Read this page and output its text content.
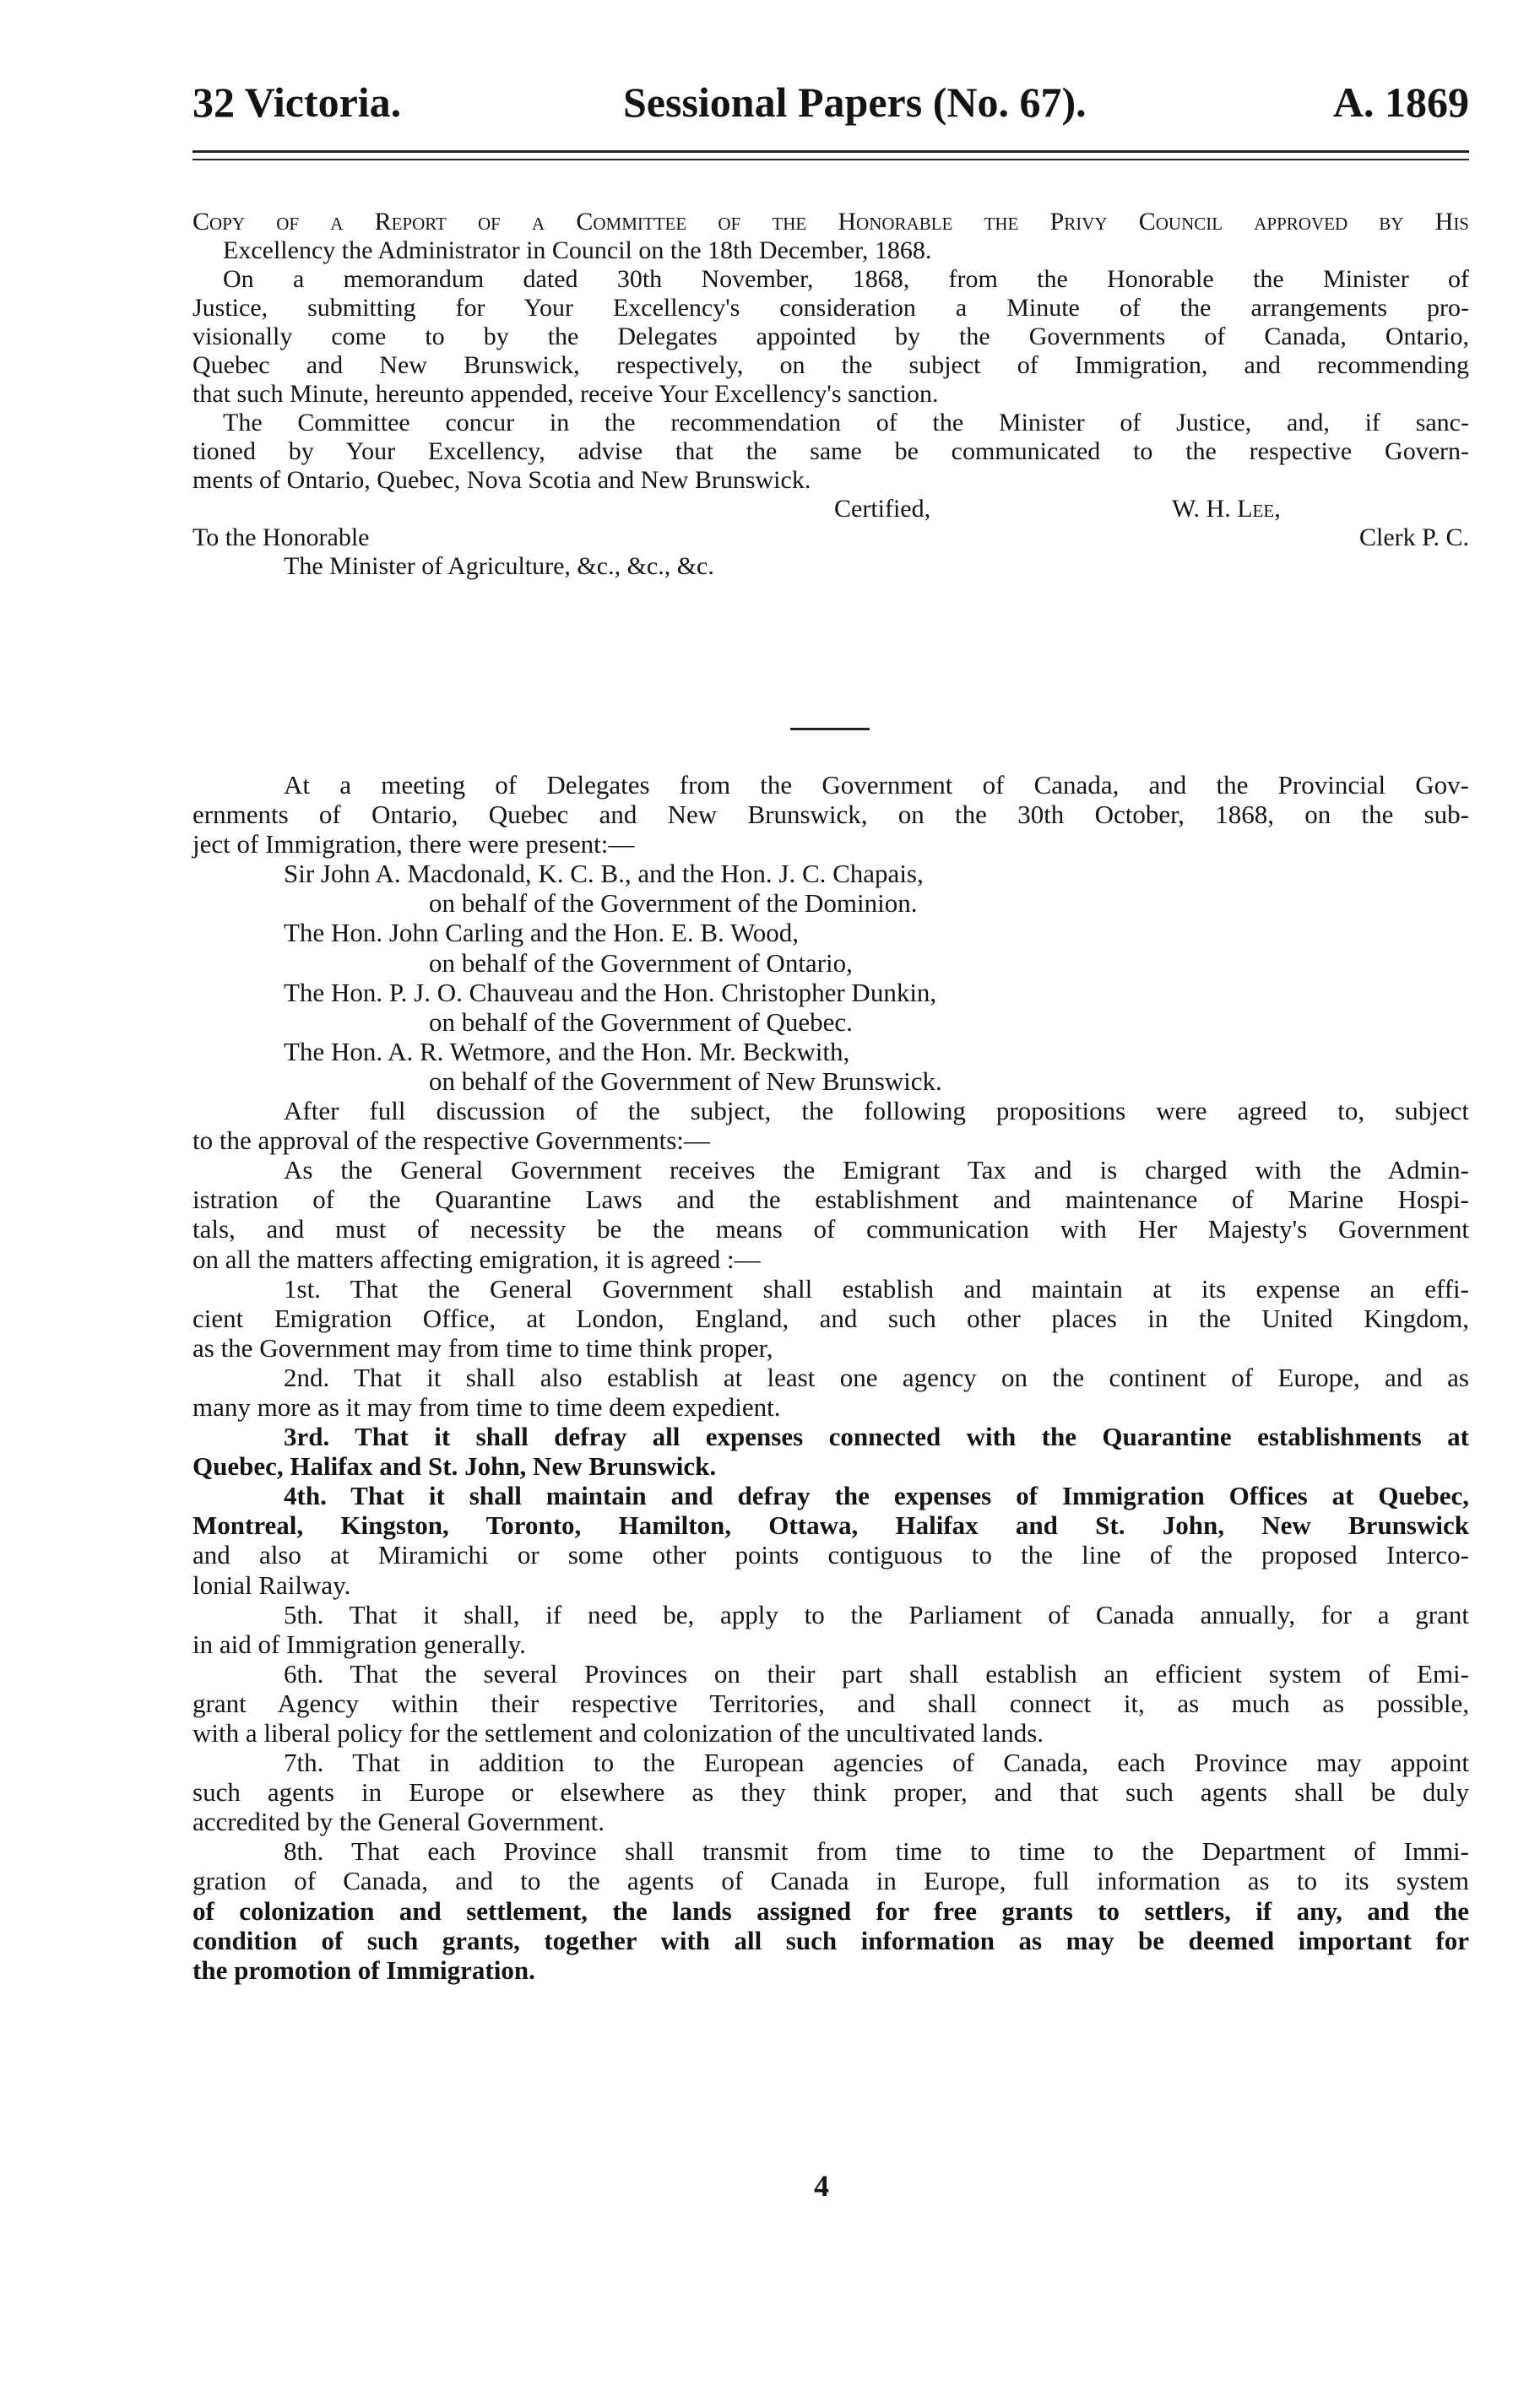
32 Victoria.	Sessional Papers (No. 67).	A. 1869
Copy of a Report of a Committee of the Honorable the Privy Council approved by His
Excellency the Administrator in Council on the 18th December, 1868.
On a memorandum dated 30th November, 1868, from the Honorable the Minister of
Justice, submitting for Your Excellency's consideration a Minute of the arrangements pro-
visionally come to by the Delegates appointed by the Governments of Canada, Ontario,
Quebec and New Brunswick, respectively, on the subject of Immigration, and recommending
that such Minute, hereunto appended, receive Your Excellency's sanction.
The Committee concur in the recommendation of the Minister of Justice, and, if sanc-
tioned by Your Excellency, advise that the same be communicated to the respective Govern-
ments of Ontario, Quebec, Nova Scotia and New Brunswick.
Certified,	W. H. Lee,
To the Honorable	Clerk P. C.
The Minister of Agriculture, &c., &c., &c.
At a meeting of Delegates from the Government of Canada, and the Provincial Gov-
ernments of Ontario, Quebec and New Brunswick, on the 30th October, 1868, on the sub-
ject of Immigration, there were present:—
Sir John A. Macdonald, K. C. B., and the Hon. J. C. Chapais,
on behalf of the Government of the Dominion.
The Hon. John Carling and the Hon. E. B. Wood,
on behalf of the Government of Ontario,
The Hon. P. J. O. Chauveau and the Hon. Christopher Dunkin,
on behalf of the Government of Quebec.
The Hon. A. R. Wetmore, and the Hon. Mr. Beckwith,
on behalf of the Government of New Brunswick.
After full discussion of the subject, the following propositions were agreed to, subject
to the approval of the respective Governments:—
As the General Government receives the Emigrant Tax and is charged with the Admin-
istration of the Quarantine Laws and the establishment and maintenance of Marine Hospi-
tals, and must of necessity be the means of communication with Her Majesty's Government
on all the matters affecting emigration, it is agreed :—
1st. That the General Government shall establish and maintain at its expense an effi-
cient Emigration Office, at London, England, and such other places in the United Kingdom,
as the Government may from time to time think proper,
2nd. That it shall also establish at least one agency on the continent of Europe, and as
many more as it may from time to time deem expedient.
3rd. That it shall defray all expenses connected with the Quarantine establishments at
Quebec, Halifax and St. John, New Brunswick.
4th. That it shall maintain and defray the expenses of Immigration Offices at Quebec,
Montreal, Kingston, Toronto, Hamilton, Ottawa, Halifax and St. John, New Brunswick
and also at Miramichi or some other points contiguous to the line of the proposed Interco-
lonial Railway.
5th. That it shall, if need be, apply to the Parliament of Canada annually, for a grant
in aid of Immigration generally.
6th. That the several Provinces on their part shall establish an efficient system of Emi-
grant Agency within their respective Territories, and shall connect it, as much as possible,
with a liberal policy for the settlement and colonization of the uncultivated lands.
7th. That in addition to the European agencies of Canada, each Province may appoint
such agents in Europe or elsewhere as they think proper, and that such agents shall be duly
accredited by the General Government.
8th. That each Province shall transmit from time to time to the Department of Immi-
gration of Canada, and to the agents of Canada in Europe, full information as to its system
of colonization and settlement, the lands assigned for free grants to settlers, if any, and the
condition of such grants, together with all such information as may be deemed important for
the promotion of Immigration.
4
